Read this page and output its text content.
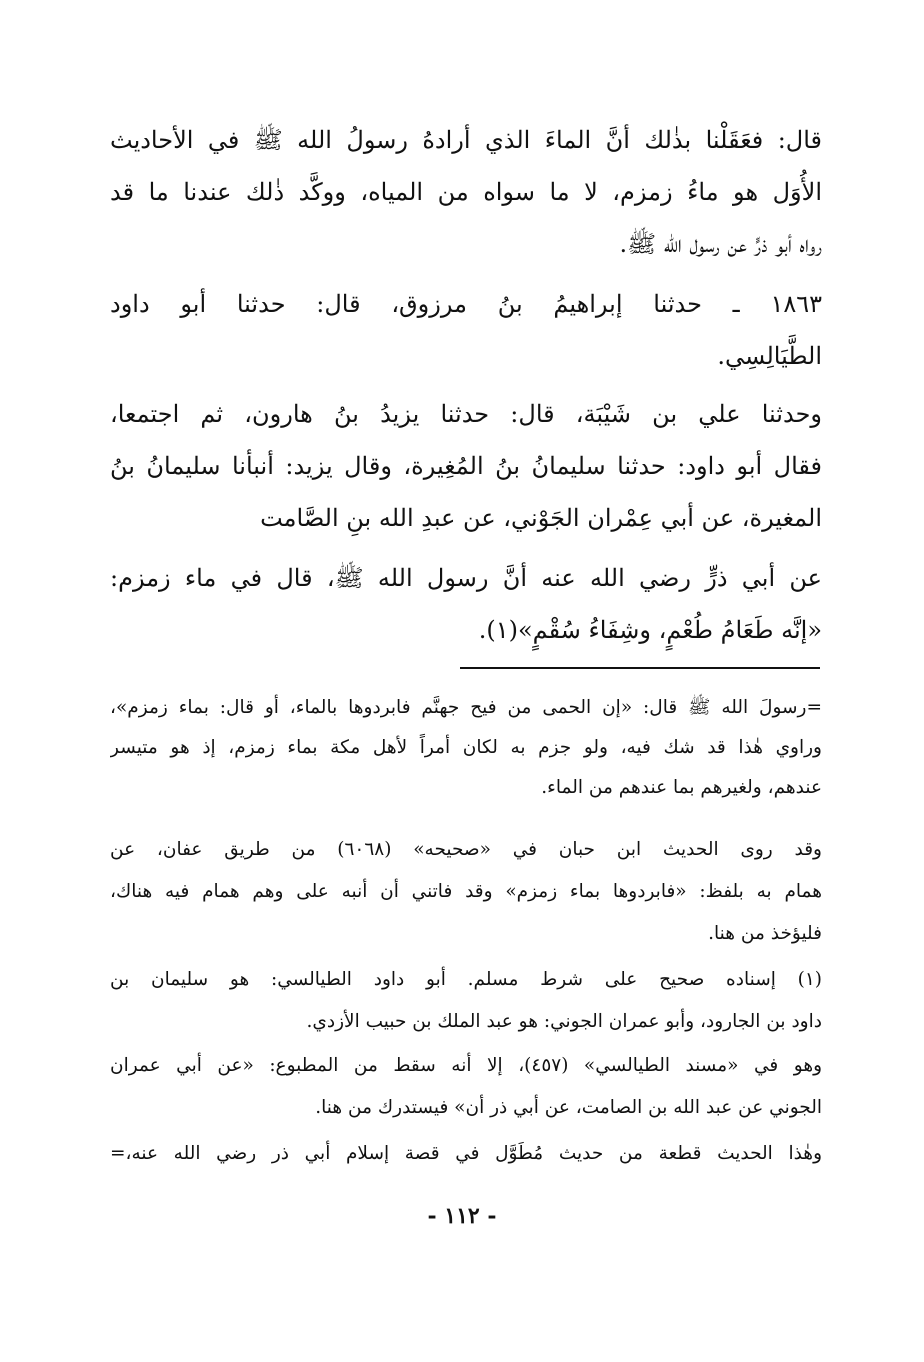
قال: فعَقَلْنا بذٰلك أنَّ الماءَ الذي أرادهُ رسولُ الله ﷺ في الأحاديث
الأُوَل هو ماءُ زمزم، لا ما سواه من المياه، ووكَّد ذٰلك عندنا ما قد
رواه أبو ذرٍّ عن رسول الله ﷺ.
١٨٦٣ ـ حدثنا إبراهيمُ بنُ مرزوق، قال: حدثنا أبو داود
الطَّيَالِسِي.
وحدثنا علي بن شَيْبَة، قال: حدثنا يزيدُ بنُ هارون، ثم اجتمعا،
فقال أبو داود: حدثنا سليمانُ بنُ المُغِيرة، وقال يزيد: أنبأنا سليمانُ بنُ
المغيرة، عن أبي عِمْران الجَوْني، عن عبدِ الله بنِ الصَّامت
عن أبي ذرٍّ رضي الله عنه أنَّ رسول الله ﷺ، قال في ماء زمزم:
«إنَّه طَعَامُ طُعْمٍ، وشِفَاءُ سُقْمٍ»(١).
=رسولَ الله ﷺ قال: «إن الحمى من فيح جهنَّم فابردوها بالماء، أو قال: بماء زمزم»،
وراوي هٰذا قد شك فيه، ولو جزم به لكان أمراً لأهل مكة بماء زمزم، إذ هو متيسر
عندهم، ولغيرهم بما عندهم من الماء.
وقد روى الحديث ابن حبان في «صحيحه» (٦٠٦٨) من طريق عفان، عن
همام به بلفظ: «فابردوها بماء زمزم» وقد فاتني أن أنبه على وهم همام فيه هناك،
فليؤخذ من هنا.
(١) إسناده صحيح على شرط مسلم. أبو داود الطيالسي: هو سليمان بن
داود بن الجارود، وأبو عمران الجوني: هو عبد الملك بن حبيب الأزدي.
وهو في «مسند الطيالسي» (٤٥٧)، إلا أنه سقط من المطبوع: «عن أبي عمران
الجوني عن عبد الله بن الصامت، عن أبي ذر أن» فيستدرك من هنا.
وهٰذا الحديث قطعة من حديث مُطَوَّل في قصة إسلام أبي ذر رضي الله عنه،=
- ١١٢ -
